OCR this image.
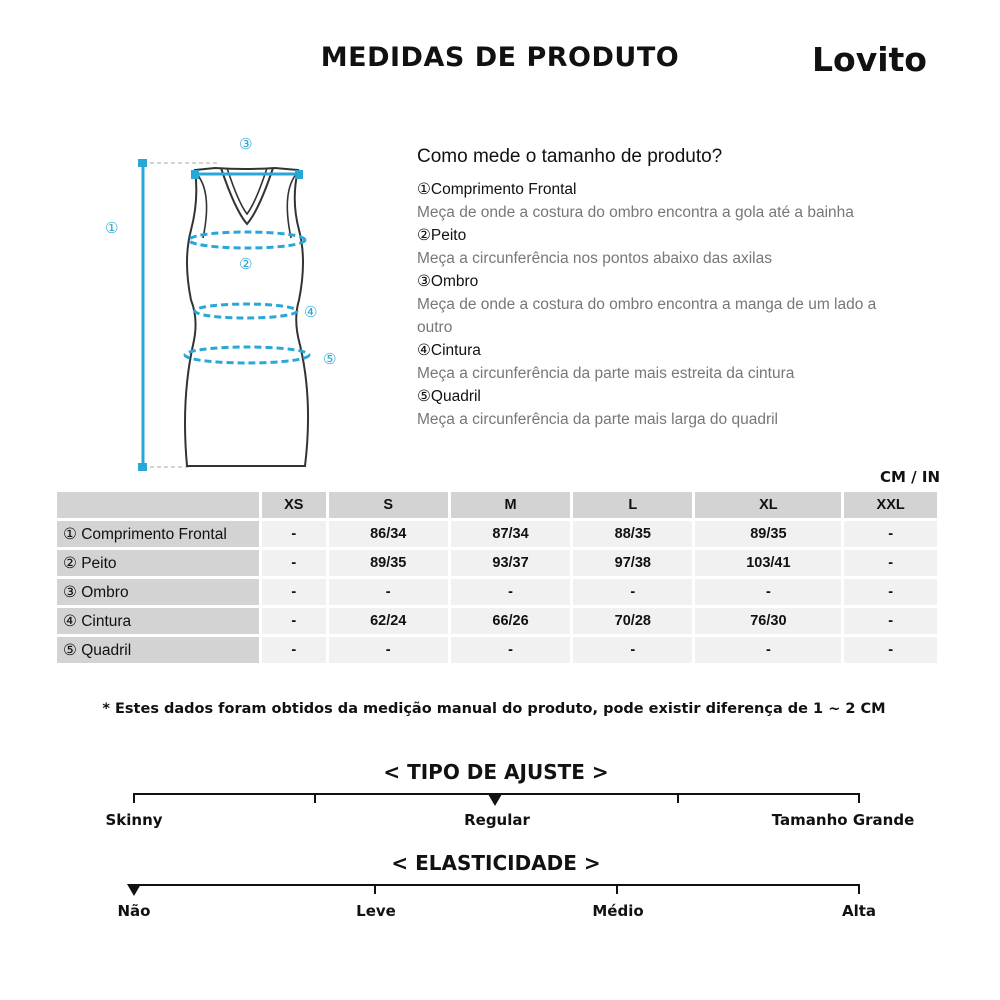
MEDIDAS DE PRODUTO	Lovito
①
②
③
④
⑤
Como mede o tamanho de produto?
①Comprimento Frontal
Meça de onde a costura do ombro encontra a gola até a bainha
②Peito
Meça a circunferência nos pontos abaixo das axilas
③Ombro
Meça de onde a costura do ombro encontra a manga de um lado a outro
④Cintura
Meça a circunferência da parte mais estreita da cintura
⑤Quadril
Meça a circunferência da parte mais larga do quadril
CM / IN
	XS	S	M	L	XL	XXL
① Comprimento Frontal	-	86/34	87/34	88/35	89/35	-
② Peito	-	89/35	93/37	97/38	103/41	-
③ Ombro	-	-	-	-	-	-
④ Cintura	-	62/24	66/26	70/28	76/30	-
⑤ Quadril	-	-	-	-	-	-
* Estes dados foram obtidos da medição manual do produto, pode existir diferença de 1 ~ 2 CM
< TIPO DE AJUSTE >
Skinny	Regular	Tamanho Grande
< ELASTICIDADE >
Não	Leve	Médio	Alta
